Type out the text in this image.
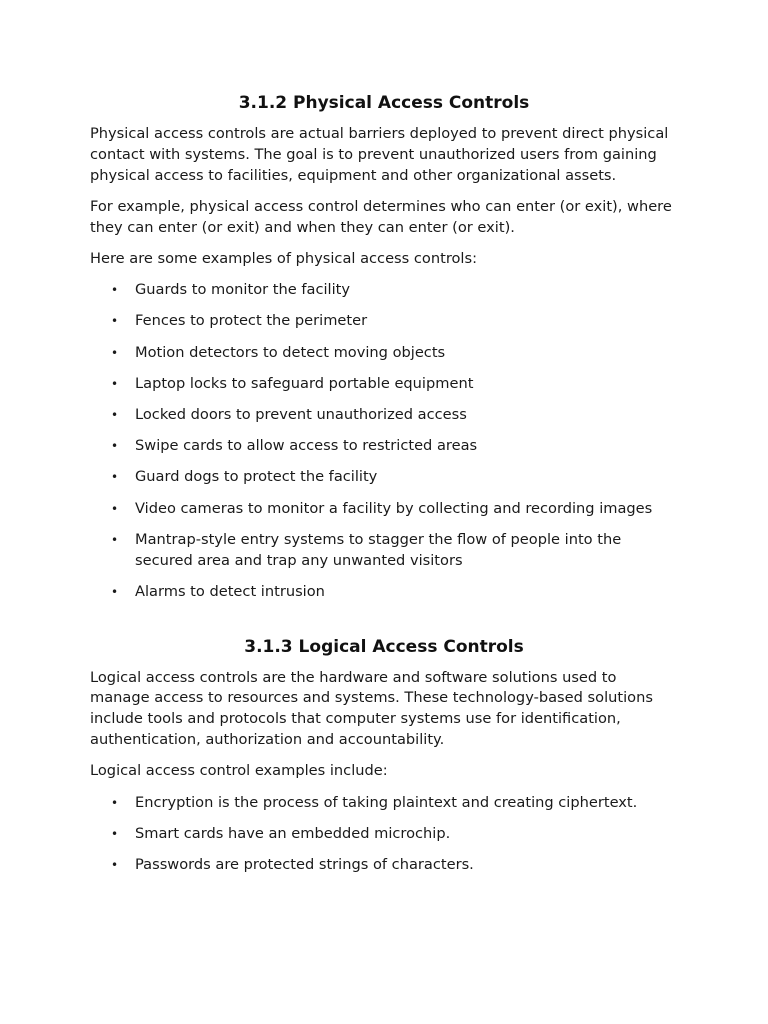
3.1.2 Physical Access Controls

Physical access controls are actual barriers deployed to prevent direct physical contact with systems. The goal is to prevent unauthorized users from gaining physical access to facilities, equipment and other organizational assets.

For example, physical access control determines who can enter (or exit), where they can enter (or exit) and when they can enter (or exit).

Here are some examples of physical access controls:

• Guards to monitor the facility
• Fences to protect the perimeter
• Motion detectors to detect moving objects
• Laptop locks to safeguard portable equipment
• Locked doors to prevent unauthorized access
• Swipe cards to allow access to restricted areas
• Guard dogs to protect the facility
• Video cameras to monitor a facility by collecting and recording images
• Mantrap-style entry systems to stagger the flow of people into the secured area and trap any unwanted visitors
• Alarms to detect intrusion
3.1.3 Logical Access Controls

Logical access controls are the hardware and software solutions used to manage access to resources and systems. These technology-based solutions include tools and protocols that computer systems use for identification, authentication, authorization and accountability.

Logical access control examples include:

• Encryption is the process of taking plaintext and creating ciphertext.
• Smart cards have an embedded microchip.
• Passwords are protected strings of characters.
